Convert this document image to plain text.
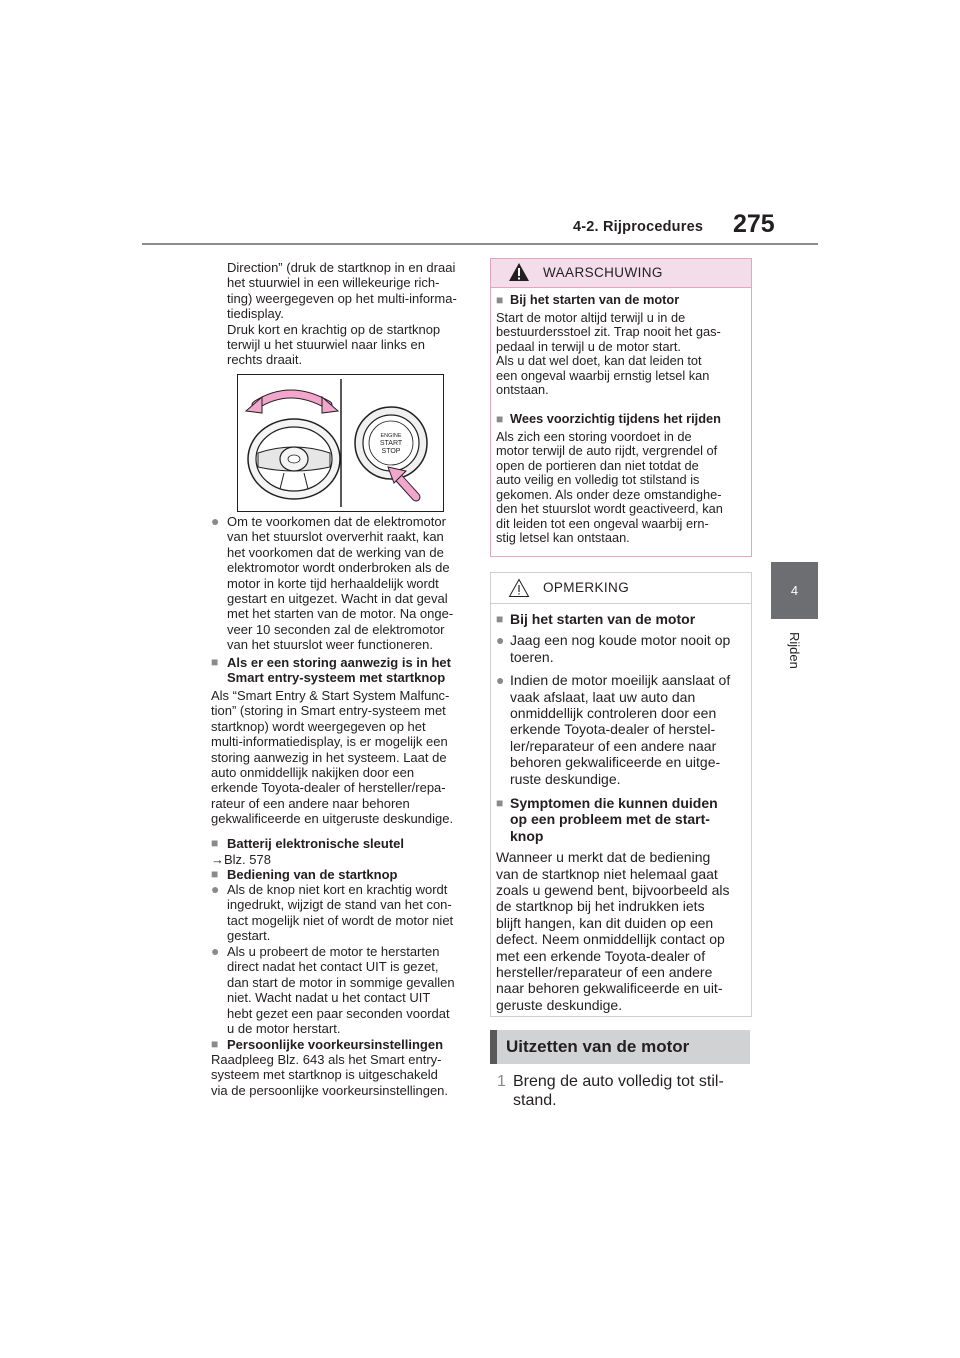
4-2. Rijprocedures 275
4
Rijden
Direction” (druk de startknop in en draai
het stuurwiel in een willekeurige rich-
ting) weergegeven op het multi-informa-
tiedisplay.
Druk kort en krachtig op de startknop
terwijl u het stuurwiel naar links en
rechts draait.
ENGINE
START
STOP
● Om te voorkomen dat de elektromotor
van het stuurslot oververhit raakt, kan
het voorkomen dat de werking van de
elektromotor wordt onderbroken als de
motor in korte tijd herhaaldelijk wordt
gestart en uitgezet. Wacht in dat geval
met het starten van de motor. Na onge-
veer 10 seconden zal de elektromotor
van het stuurslot weer functioneren.
■ Als er een storing aanwezig is in het
Smart entry-systeem met startknop
Als “Smart Entry & Start System Malfunc-
tion” (storing in Smart entry-systeem met
startknop) wordt weergegeven op het
multi-informatiedisplay, is er mogelijk een
storing aanwezig in het systeem. Laat de
auto onmiddellijk nakijken door een
erkende Toyota-dealer of hersteller/repa-
rateur of een andere naar behoren
gekwalificeerde en uitgeruste deskundige.
■ Batterij elektronische sleutel
→Blz. 578
■ Bediening van de startknop
● Als de knop niet kort en krachtig wordt
ingedrukt, wijzigt de stand van het con-
tact mogelijk niet of wordt de motor niet
gestart.
● Als u probeert de motor te herstarten
direct nadat het contact UIT is gezet,
dan start de motor in sommige gevallen
niet. Wacht nadat u het contact UIT
hebt gezet een paar seconden voordat
u de motor herstart.
■ Persoonlijke voorkeursinstellingen
Raadpleeg Blz. 643 als het Smart entry-
systeem met startknop is uitgeschakeld
via de persoonlijke voorkeursinstellingen.
WAARSCHUWING
■ Bij het starten van de motor
Start de motor altijd terwijl u in de
bestuurdersstoel zit. Trap nooit het gas-
pedaal in terwijl u de motor start.
Als u dat wel doet, kan dat leiden tot
een ongeval waarbij ernstig letsel kan
ontstaan.
■ Wees voorzichtig tijdens het rijden
Als zich een storing voordoet in de
motor terwijl de auto rijdt, vergrendel of
open de portieren dan niet totdat de
auto veilig en volledig tot stilstand is
gekomen. Als onder deze omstandighe-
den het stuurslot wordt geactiveerd, kan
dit leiden tot een ongeval waarbij ern-
stig letsel kan ontstaan.
OPMERKING
■ Bij het starten van de motor
● Jaag een nog koude motor nooit op
toeren.
● Indien de motor moeilijk aanslaat of
vaak afslaat, laat uw auto dan
onmiddellijk controleren door een
erkende Toyota-dealer of herstel-
ler/reparateur of een andere naar
behoren gekwalificeerde en uitge-
ruste deskundige.
■ Symptomen die kunnen duiden
op een probleem met de start-
knop
Wanneer u merkt dat de bediening
van de startknop niet helemaal gaat
zoals u gewend bent, bijvoorbeeld als
de startknop bij het indrukken iets
blijft hangen, kan dit duiden op een
defect. Neem onmiddellijk contact op
met een erkende Toyota-dealer of
hersteller/reparateur of een andere
naar behoren gekwalificeerde en uit-
geruste deskundige.
Uitzetten van de motor
1 Breng de auto volledig tot stil-
stand.
